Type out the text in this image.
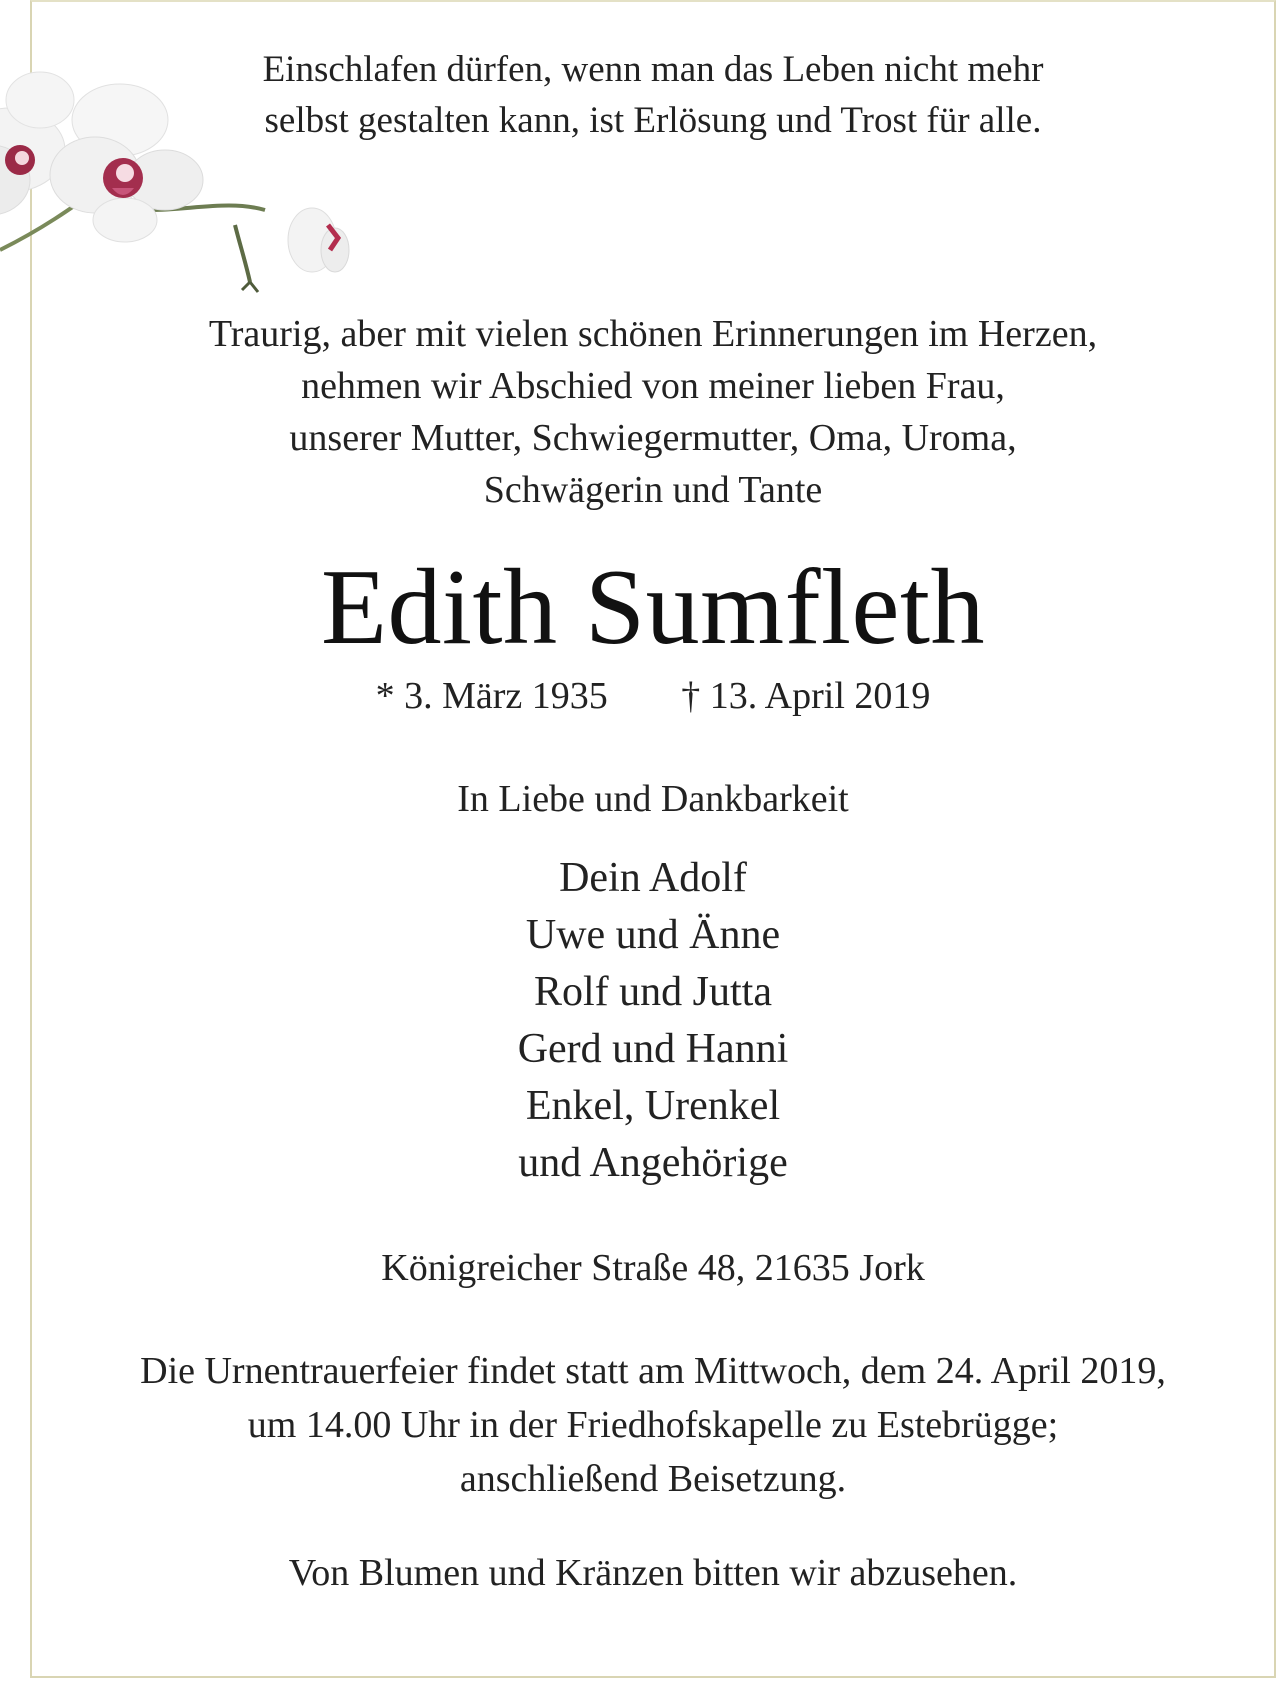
Einschlafen dürfen, wenn man das Leben nicht mehr
selbst gestalten kann, ist Erlösung und Trost für alle.
Traurig, aber mit vielen schönen Erinnerungen im Herzen,
nehmen wir Abschied von meiner lieben Frau,
unserer Mutter, Schwiegermutter, Oma, Uroma,
Schwägerin und Tante
Edith Sumfleth
* 3. März 1935 † 13. April 2019
In Liebe und Dankbarkeit
Dein Adolf
Uwe und Änne
Rolf und Jutta
Gerd und Hanni
Enkel, Urenkel
und Angehörige
Königreicher Straße 48, 21635 Jork
Die Urnentrauerfeier findet statt am Mittwoch, dem 24. April 2019,
um 14.00 Uhr in der Friedhofskapelle zu Estebrügge;
anschließend Beisetzung.
Von Blumen und Kränzen bitten wir abzusehen.
